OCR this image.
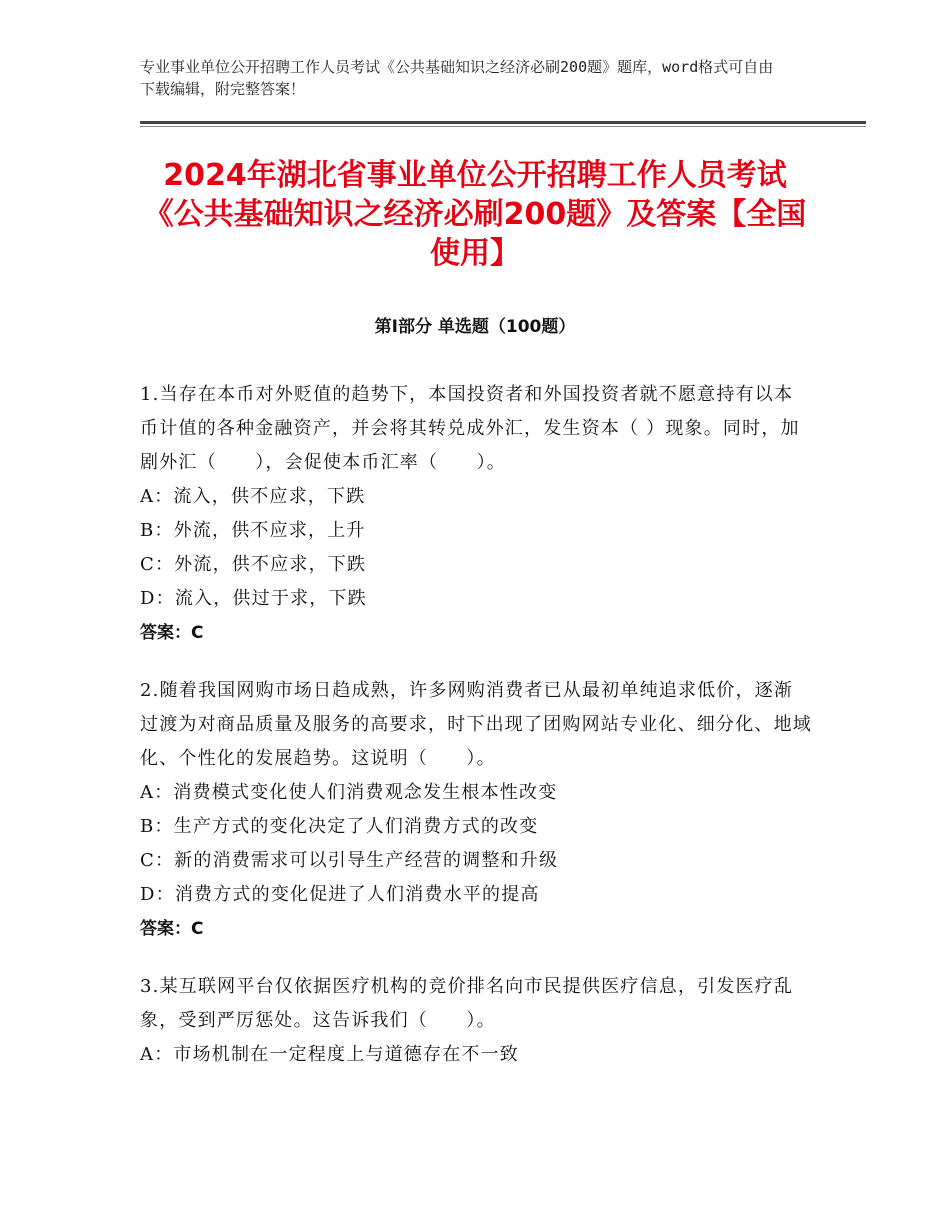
专业事业单位公开招聘工作人员考试《公共基础知识之经济必刷200题》题库，word格式可自由下载编辑，附完整答案！
2024年湖北省事业单位公开招聘工作人员考试《公共基础知识之经济必刷200题》及答案【全国使用】
第Ⅰ部分 单选题（100题）

1.当存在本币对外贬值的趋势下，本国投资者和外国投资者就不愿意持有以本币计值的各种金融资产，并会将其转兑成外汇，发生资本（ ）现象。同时，加剧外汇（　　），会促使本币汇率（　　）。

A：流入，供不应求，下跌

B：外流，供不应求，上升

C：外流，供不应求，下跌

D：流入，供过于求，下跌

答案：C

2.随着我国网购市场日趋成熟，许多网购消费者已从最初单纯追求低价，逐渐过渡为对商品质量及服务的高要求，时下出现了团购网站专业化、细分化、地域化、个性化的发展趋势。这说明（　　）。

A：消费模式变化使人们消费观念发生根本性改变

B：生产方式的变化决定了人们消费方式的改变

C：新的消费需求可以引导生产经营的调整和升级

D：消费方式的变化促进了人们消费水平的提高

答案：C

3.某互联网平台仅依据医疗机构的竞价排名向市民提供医疗信息，引发医疗乱象，受到严厉惩处。这告诉我们（　　）。

A：市场机制在一定程度上与道德存在不一致
